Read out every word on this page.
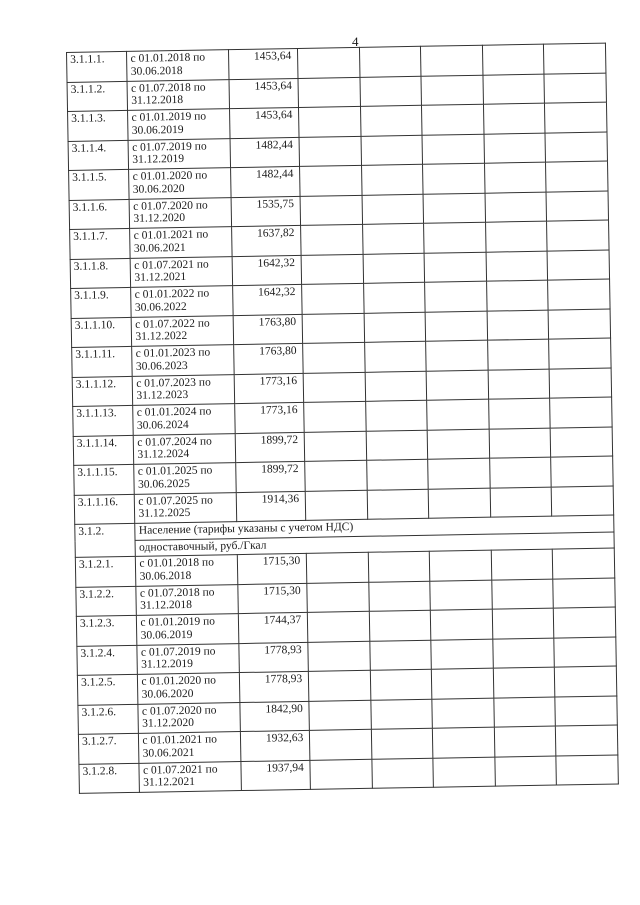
4
3.1.1.1.	с 01.01.2018 по 30.06.2018	1453,64					
3.1.1.2.	с 01.07.2018 по 31.12.2018	1453,64					
3.1.1.3.	с 01.01.2019 по 30.06.2019	1453,64					
3.1.1.4.	с 01.07.2019 по 31.12.2019	1482,44					
3.1.1.5.	с 01.01.2020 по 30.06.2020	1482,44					
3.1.1.6.	с 01.07.2020 по 31.12.2020	1535,75					
3.1.1.7.	с 01.01.2021 по 30.06.2021	1637,82					
3.1.1.8.	с 01.07.2021 по 31.12.2021	1642,32					
3.1.1.9.	с 01.01.2022 по 30.06.2022	1642,32					
3.1.1.10.	с 01.07.2022 по 31.12.2022	1763,80					
3.1.1.11.	с 01.01.2023 по 30.06.2023	1763,80					
3.1.1.12.	с 01.07.2023 по 31.12.2023	1773,16					
3.1.1.13.	с 01.01.2024 по 30.06.2024	1773,16					
3.1.1.14.	с 01.07.2024 по 31.12.2024	1899,72					
3.1.1.15.	с 01.01.2025 по 30.06.2025	1899,72					
3.1.1.16.	с 01.07.2025 по 31.12.2025	1914,36					
3.1.2.	Население (тарифы указаны с учетом НДС)						
	одноставочный, руб./Гкал						
3.1.2.1.	с 01.01.2018 по 30.06.2018	1715,30					
3.1.2.2.	с 01.07.2018 по 31.12.2018	1715,30					
3.1.2.3.	с 01.01.2019 по 30.06.2019	1744,37					
3.1.2.4.	с 01.07.2019 по 31.12.2019	1778,93					
3.1.2.5.	с 01.01.2020 по 30.06.2020	1778,93					
3.1.2.6.	с 01.07.2020 по 31.12.2020	1842,90					
3.1.2.7.	с 01.01.2021 по 30.06.2021	1932,63					
3.1.2.8.	с 01.07.2021 по 31.12.2021	1937,94					
